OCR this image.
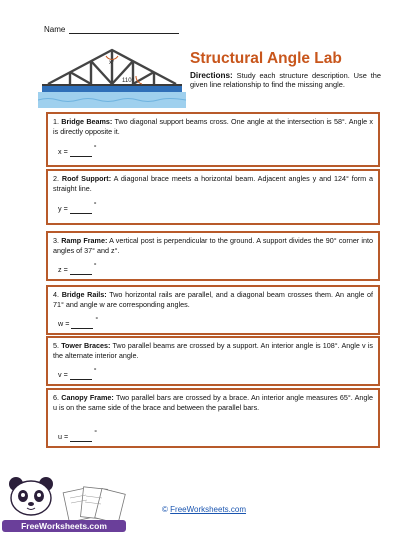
Name
x°
110°
Structural Angle Lab
Directions: Study each structure description. Use the given line relationship to find the missing angle.
1. Bridge Beams: Two diagonal support beams cross. One angle at the intersection is 58°. Angle x is directly opposite it.
x =	°
2. Roof Support: A diagonal brace meets a horizontal beam. Adjacent angles y and 124° form a straight line.
y =	°
3. Ramp Frame: A vertical post is perpendicular to the ground. A support divides the 90° corner into angles of 37° and z°.
z =	°
4. Bridge Rails: Two horizontal rails are parallel, and a diagonal beam crosses them. An angle of 71° and angle w are corresponding angles.
w =	°
5. Tower Braces: Two parallel beams are crossed by a support. An interior angle is 108°. Angle v is the alternate interior angle.
v =	°
6. Canopy Frame: Two parallel bars are crossed by a brace. An interior angle measures 65°. Angle u is on the same side of the brace and between the parallel bars.
u =	°
FreeWorksheets.com
© FreeWorksheets.com
